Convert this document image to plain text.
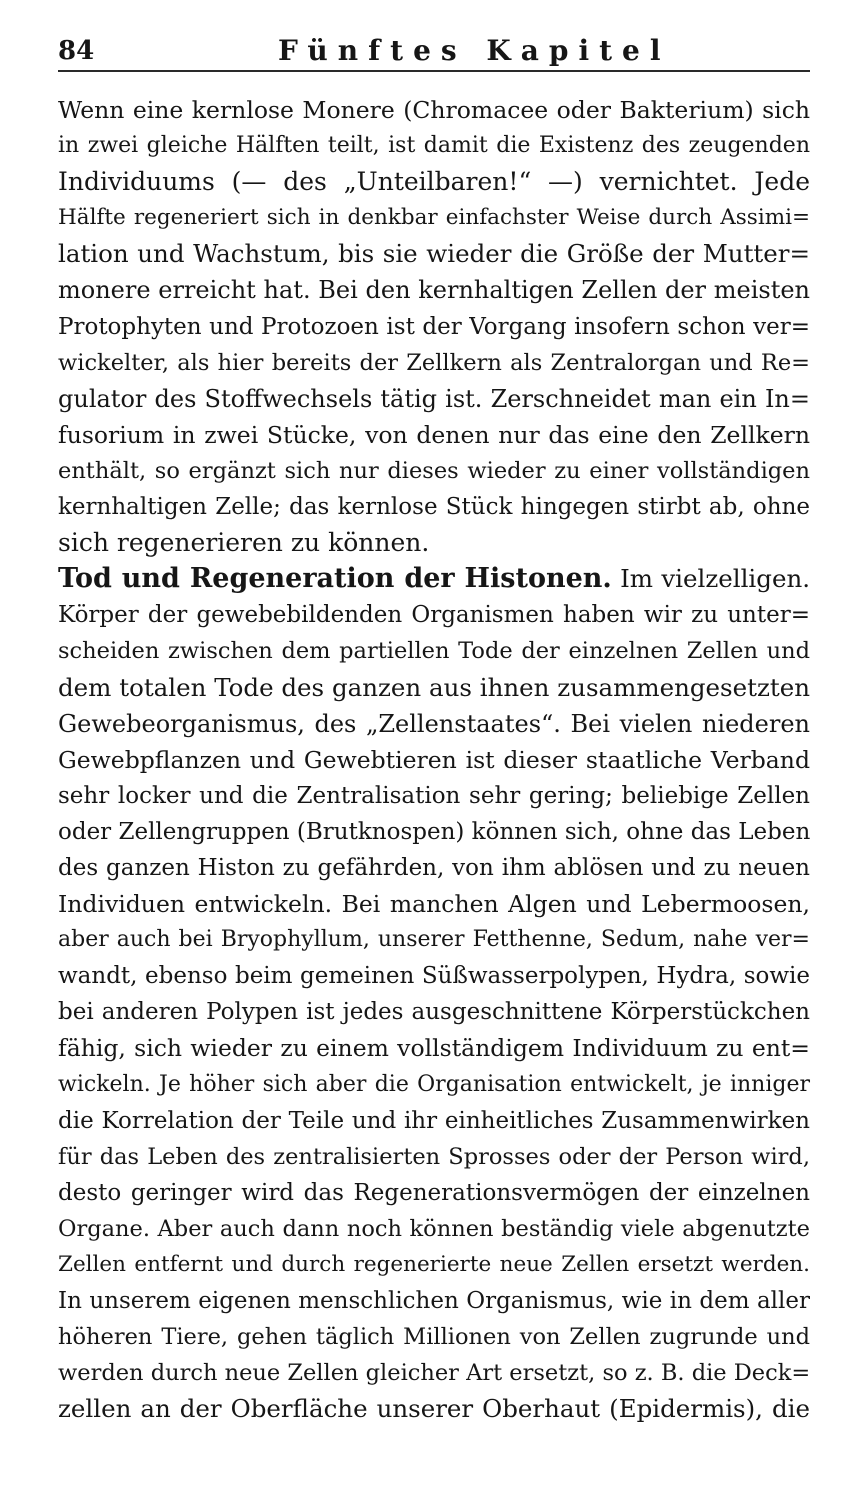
84	Fünftes Kapitel
Wenn eine kernlose Monere (Chromacee oder Bakterium) sich
in zwei gleiche Hälften teilt, ist damit die Existenz des zeugenden
Individuums (— des „Unteilbaren!“ —) vernichtet. Jede
Hälfte regeneriert sich in denkbar einfachster Weise durch Assimi=
lation und Wachstum, bis sie wieder die Größe der Mutter=
monere erreicht hat. Bei den kernhaltigen Zellen der meisten
Protophyten und Protozoen ist der Vorgang insofern schon ver=
wickelter, als hier bereits der Zellkern als Zentralorgan und Re=
gulator des Stoffwechsels tätig ist. Zerschneidet man ein In=
fusorium in zwei Stücke, von denen nur das eine den Zellkern
enthält, so ergänzt sich nur dieses wieder zu einer vollständigen
kernhaltigen Zelle; das kernlose Stück hingegen stirbt ab, ohne
sich regenerieren zu können.
Tod und Regeneration der Histonen. Im vielzelligen.
Körper der gewebebildenden Organismen haben wir zu unter=
scheiden zwischen dem partiellen Tode der einzelnen Zellen und
dem totalen Tode des ganzen aus ihnen zusammengesetzten
Gewebeorganismus, des „Zellenstaates“. Bei vielen niederen
Gewebpflanzen und Gewebtieren ist dieser staatliche Verband
sehr locker und die Zentralisation sehr gering; beliebige Zellen
oder Zellengruppen (Brutknospen) können sich, ohne das Leben
des ganzen Histon zu gefährden, von ihm ablösen und zu neuen
Individuen entwickeln. Bei manchen Algen und Lebermoosen,
aber auch bei Bryophyllum, unserer Fetthenne, Sedum, nahe ver=
wandt, ebenso beim gemeinen Süßwasserpolypen, Hydra, sowie
bei anderen Polypen ist jedes ausgeschnittene Körperstückchen
fähig, sich wieder zu einem vollständigem Individuum zu ent=
wickeln. Je höher sich aber die Organisation entwickelt, je inniger
die Korrelation der Teile und ihr einheitliches Zusammenwirken
für das Leben des zentralisierten Sprosses oder der Person wird,
desto geringer wird das Regenerationsvermögen der einzelnen
Organe. Aber auch dann noch können beständig viele abgenutzte
Zellen entfernt und durch regenerierte neue Zellen ersetzt werden.
In unserem eigenen menschlichen Organismus, wie in dem aller
höheren Tiere, gehen täglich Millionen von Zellen zugrunde und
werden durch neue Zellen gleicher Art ersetzt, so z. B. die Deck=
zellen an der Oberfläche unserer Oberhaut (Epidermis), die
